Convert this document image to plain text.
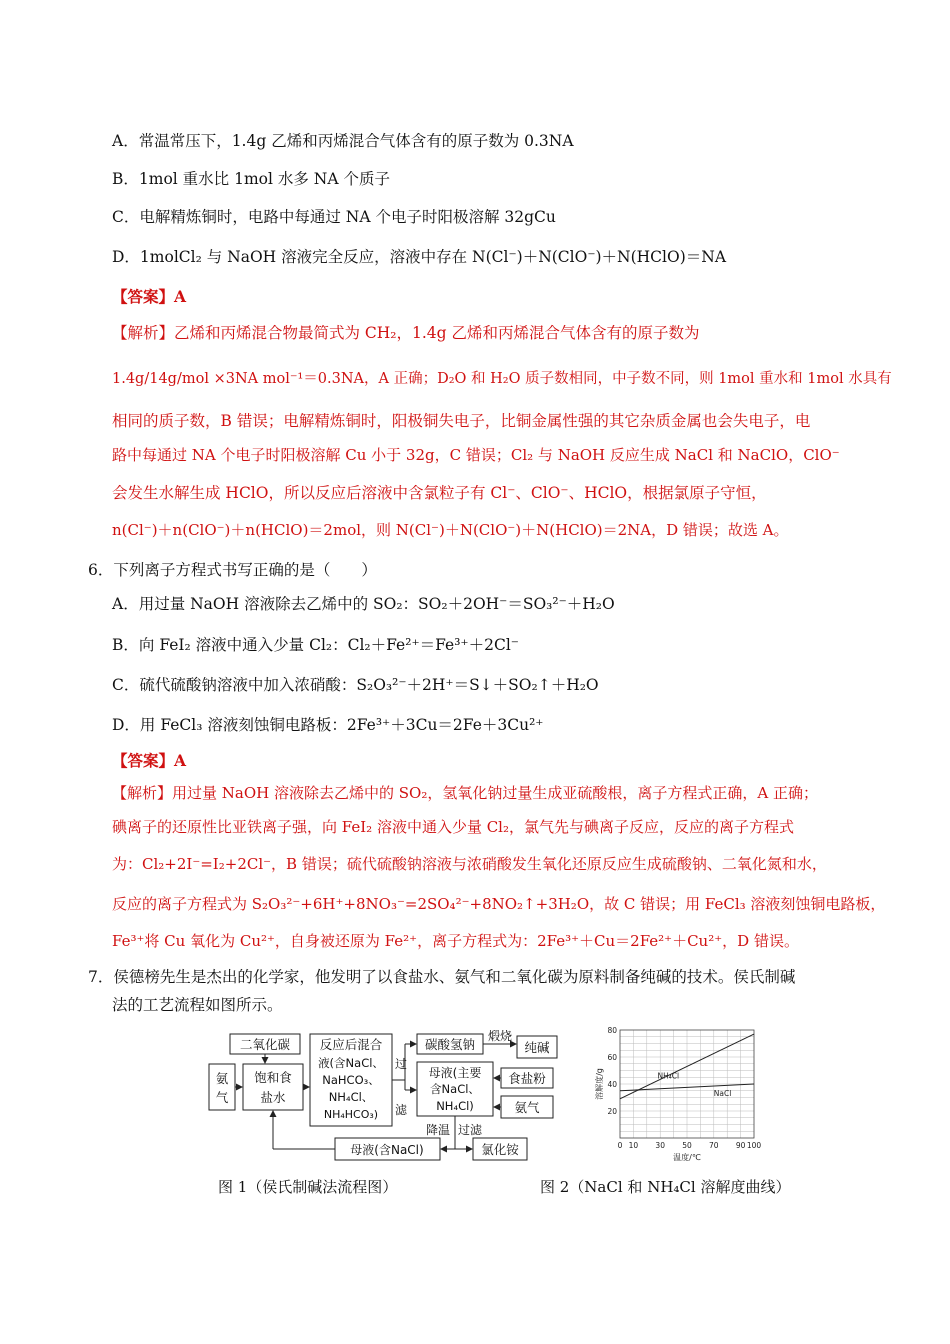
A．常温常压下，1.4g 乙烯和丙烯混合气体含有的原子数为 0.3NA
B．1mol 重水比 1mol 水多 NA 个质子
C．电解精炼铜时，电路中每通过 NA 个电子时阳极溶解 32gCu
D．1molCl₂ 与 NaOH 溶液完全反应，溶液中存在 N(Cl⁻)＋N(ClO⁻)＋N(HClO)＝NA
【答案】A
【解析】乙烯和丙烯混合物最简式为 CH₂，1.4g 乙烯和丙烯混合气体含有的原子数为
1.4g/14g/mol ×3NA mol⁻¹＝0.3NA，A 正确；D₂O 和 H₂O 质子数相同，中子数不同，则 1mol 重水和 1mol 水具有
相同的质子数，B 错误；电解精炼铜时，阳极铜失电子，比铜金属性强的其它杂质金属也会失电子，电
路中每通过 NA 个电子时阳极溶解 Cu 小于 32g，C 错误；Cl₂ 与 NaOH 反应生成 NaCl 和 NaClO，ClO⁻
会发生水解生成 HClO，所以反应后溶液中含氯粒子有 Cl⁻、ClO⁻、HClO，根据氯原子守恒，
n(Cl⁻)＋n(ClO⁻)＋n(HClO)＝2mol，则 N(Cl⁻)＋N(ClO⁻)＋N(HClO)＝2NA，D 错误；故选 A。
6．下列离子方程式书写正确的是（　　）
A．用过量 NaOH 溶液除去乙烯中的 SO₂：SO₂＋2OH⁻＝SO₃²⁻＋H₂O
B．向 FeI₂ 溶液中通入少量 Cl₂：Cl₂＋Fe²⁺＝Fe³⁺＋2Cl⁻
C．硫代硫酸钠溶液中加入浓硝酸：S₂O₃²⁻＋2H⁺＝S↓＋SO₂↑＋H₂O
D．用 FeCl₃ 溶液刻蚀铜电路板：2Fe³⁺＋3Cu＝2Fe＋3Cu²⁺
【答案】A
【解析】用过量 NaOH 溶液除去乙烯中的 SO₂，氢氧化钠过量生成亚硫酸根，离子方程式正确，A 正确；
碘离子的还原性比亚铁离子强，向 FeI₂ 溶液中通入少量 Cl₂，氯气先与碘离子反应，反应的离子方程式
为：Cl₂+2I⁻=I₂+2Cl⁻，B 错误；硫代硫酸钠溶液与浓硝酸发生氧化还原反应生成硫酸钠、二氧化氮和水，
反应的离子方程式为 S₂O₃²⁻+6H⁺+8NO₃⁻=2SO₄²⁻+8NO₂↑+3H₂O，故 C 错误；用 FeCl₃ 溶液刻蚀铜电路板，
Fe³⁺将 Cu 氧化为 Cu²⁺，自身被还原为 Fe²⁺，离子方程式为：2Fe³⁺＋Cu＝2Fe²⁺＋Cu²⁺，D 错误。
7．侯德榜先生是杰出的化学家，他发明了以食盐水、氨气和二氧化碳为原料制备纯碱的技术。侯氏制碱
法的工艺流程如图所示。
二氧化碳
氨
气
饱和食
盐水
反应后混合
液(含NaCl、
NaHCO₃、
NH₄Cl、
NH₄HCO₃)
过
滤
碳酸氢钠
煅烧
纯碱
母液(主要
含NaCl、
NH₄Cl)
食盐粉
氨气
降温 过滤
母液(含NaCl)	氯化铵	0 10 30 50 70 90 100
20
40
60
80
温度/℃
溶解度/g	NH₄Cl
NaCl
图 1（侯氏制碱法流程图）	图 2（NaCl 和 NH₄Cl 溶解度曲线）
